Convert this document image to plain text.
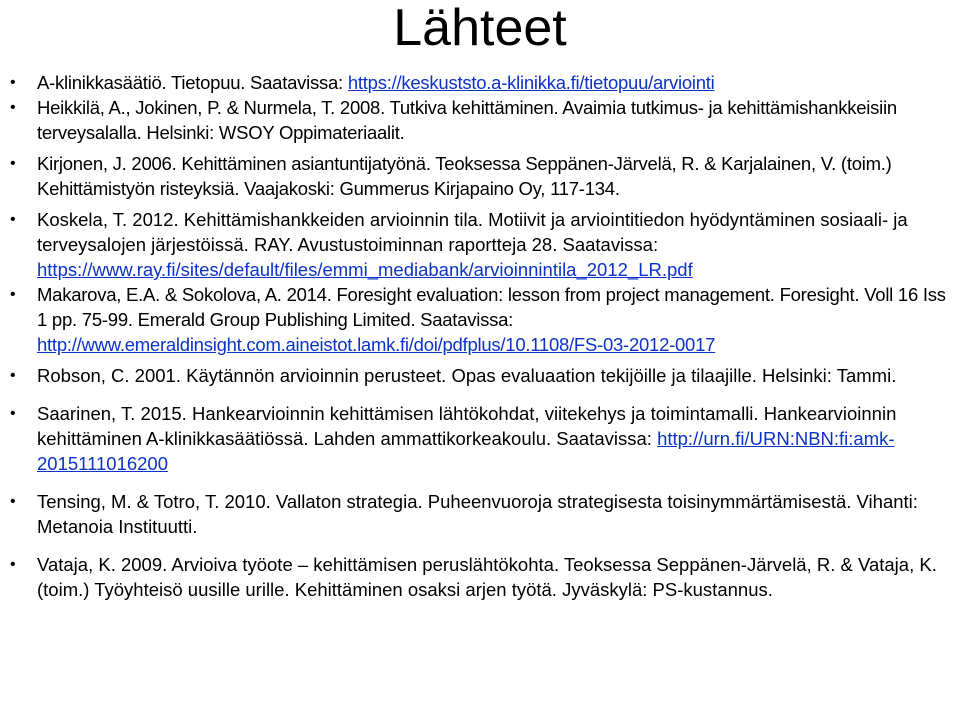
Lähteet
• A-klinikkasäätiö. Tietopuu. Saatavissa: https://keskuststo.a-klinikka.fi/tietopuu/arviointi
• Heikkilä, A., Jokinen, P. & Nurmela, T. 2008. Tutkiva kehittäminen. Avaimia tutkimus- ja kehittämishankkeisiin terveysalalla. Helsinki: WSOY Oppimateriaalit.
• Kirjonen, J. 2006. Kehittäminen asiantuntijatyönä. Teoksessa Seppänen-Järvelä, R. & Karjalainen, V. (toim.) Kehittämistyön risteyksiä. Vaajakoski: Gummerus Kirjapaino Oy, 117-134.
• Koskela, T. 2012. Kehittämishankkeiden arvioinnin tila. Motiivit ja arviointitiedon hyödyntäminen sosiaali- ja terveysalojen järjestöissä. RAY. Avustustoiminnan raportteja 28. Saatavissa: https://www.ray.fi/sites/default/files/emmi_mediabank/arvioinnintila_2012_LR.pdf
• Makarova, E.A. & Sokolova, A. 2014. Foresight evaluation: lesson from project management. Foresight. Voll 16 Iss 1 pp. 75-99. Emerald Group Publishing Limited. Saatavissa: http://www.emeraldinsight.com.aineistot.lamk.fi/doi/pdfplus/10.1108/FS-03-2012-0017
• Robson, C. 2001. Käytännön arvioinnin perusteet. Opas evaluaation tekijöille ja tilaajille. Helsinki: Tammi.
• Saarinen, T. 2015. Hankearvioinnin kehittämisen lähtökohdat, viitekehys ja toimintamalli. Hankearvioinnin kehittäminen A-klinikkasäätiössä. Lahden ammattikorkeakoulu. Saatavissa: http://urn.fi/URN:NBN:fi:amk-2015111016200
• Tensing, M. & Totro, T. 2010. Vallaton strategia. Puheenvuoroja strategisesta toisinymmärtämisestä. Vihanti: Metanoia Instituutti.
• Vataja, K. 2009. Arvioiva työote – kehittämisen peruslähtökohta. Teoksessa Seppänen-Järvelä, R. & Vataja, K. (toim.) Työyhteisö uusille urille. Kehittäminen osaksi arjen työtä. Jyväskylä: PS-kustannus.
